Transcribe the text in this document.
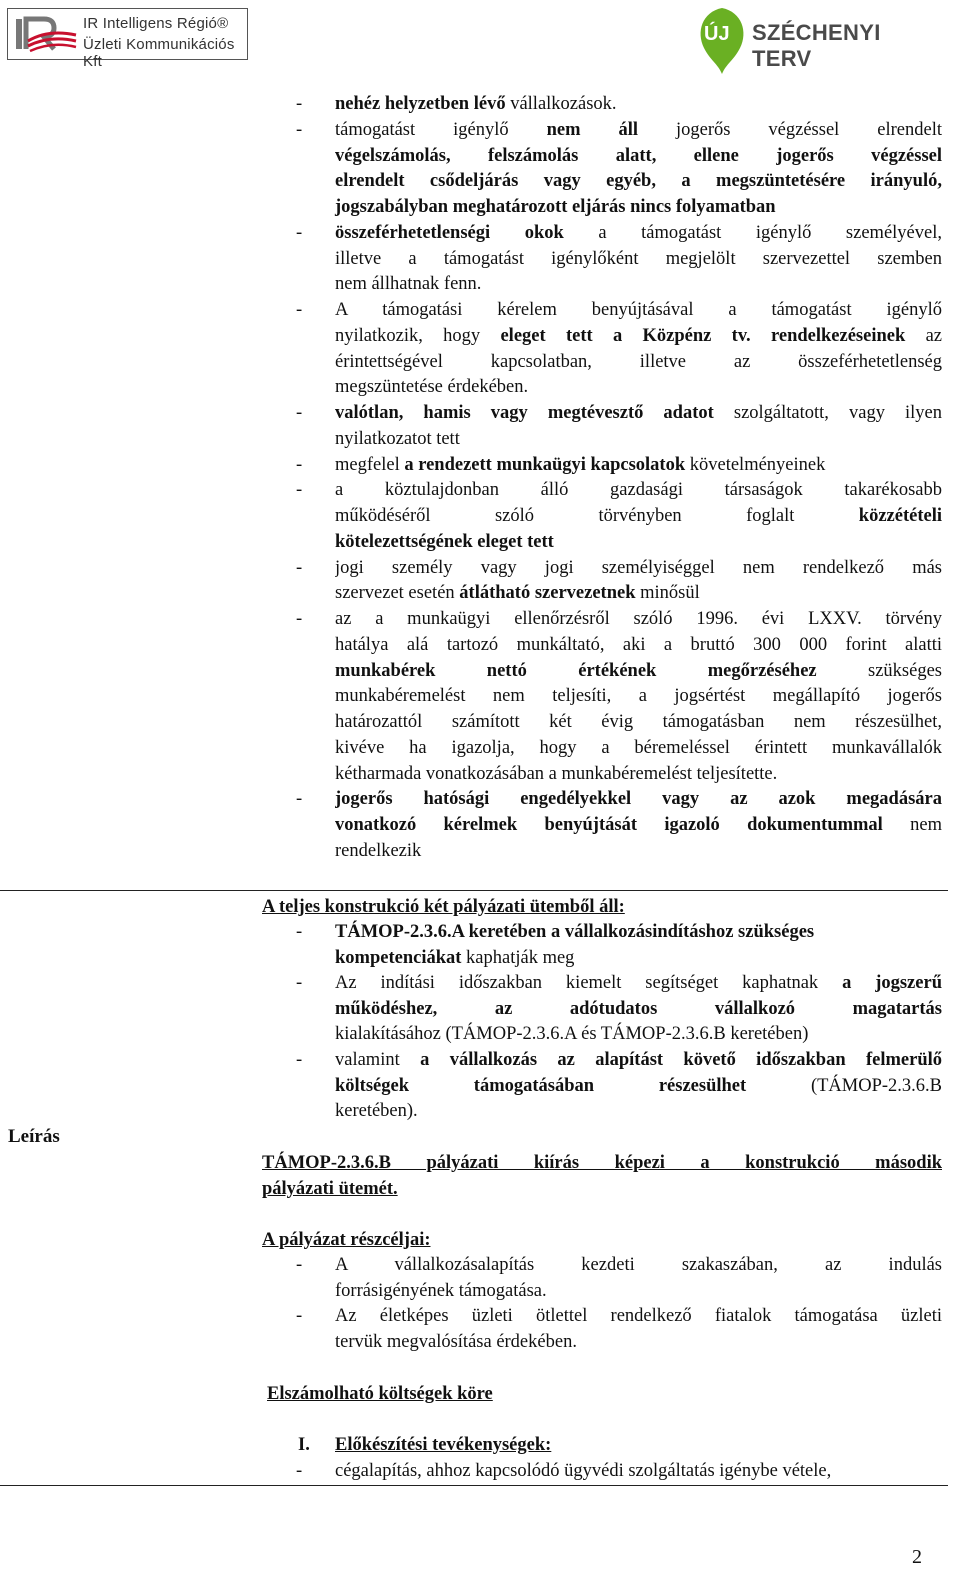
IR Intelligens Régió®
Üzleti Kommunikációs Kft
ÚJ SZÉCHENYI TERV
Leírás
- nehéz helyzetben lévő vállalkozások.
- támogatást igénylő nem áll jogerős végzéssel elrendelt
végelszámolás, felszámolás alatt, ellene jogerős végzéssel
elrendelt csődeljárás vagy egyéb, a megszüntetésére irányuló,
jogszabályban meghatározott eljárás nincs folyamatban
- összeférhetetlenségi okok a támogatást igénylő személyével,
illetve a támogatást igénylőként megjelölt szervezettel szemben
nem állhatnak fenn.
- A támogatási kérelem benyújtásával a támogatást igénylő
nyilatkozik, hogy eleget tett a Közpénz tv. rendelkezéseinek az
érintettségével kapcsolatban, illetve az összeférhetetlenség
megszüntetése érdekében.
- valótlan, hamis vagy megtévesztő adatot szolgáltatott, vagy ilyen
nyilatkozatot tett
- megfelel a rendezett munkaügyi kapcsolatok követelményeinek
- a köztulajdonban álló gazdasági társaságok takarékosabb
működéséről szóló törvényben foglalt közzétételi
kötelezettségének eleget tett
- jogi személy vagy jogi személyiséggel nem rendelkező más
szervezet esetén átlátható szervezetnek minősül
- az a munkaügyi ellenőrzésről szóló 1996. évi LXXV. törvény
hatálya alá tartozó munkáltató, aki a bruttó 300 000 forint alatti
munkabérek nettó értékének megőrzéséhez szükséges
munkabéremelést nem teljesíti, a jogsértést megállapító jogerős
határozattól számított két évig támogatásban nem részesülhet,
kivéve ha igazolja, hogy a béremeléssel érintett munkavállalók
kétharmada vonatkozásában a munkabéremelést teljesítette.
- jogerős hatósági engedélyekkel vagy az azok megadására
vonatkozó kérelmek benyújtását igazoló dokumentummal nem
rendelkezik
A teljes konstrukció két pályázati ütemből áll:
- TÁMOP-2.3.6.A keretében a vállalkozásindításhoz szükséges
kompetenciákat kaphatják meg
- Az indítási időszakban kiemelt segítséget kaphatnak a jogszerű
működéshez, az adótudatos vállalkozó magatartás
kialakításához (TÁMOP-2.3.6.A és TÁMOP-2.3.6.B keretében)
- valamint a vállalkozás az alapítást követő időszakban felmerülő
költségek támogatásában részesülhet (TÁMOP-2.3.6.B
keretében).
TÁMOP-2.3.6.B pályázati kiírás képezi a konstrukció második
pályázati ütemét.
A pályázat részcéljai:
- A vállalkozásalapítás kezdeti szakaszában, az indulás
forrásigényének támogatása.
- Az életképes üzleti ötlettel rendelkező fiatalok támogatása üzleti
tervük megvalósítása érdekében.
Elszámolható költségek köre
I. Előkészítési tevékenységek:
- cégalapítás, ahhoz kapcsolódó ügyvédi szolgáltatás igénybe vétele,
2
